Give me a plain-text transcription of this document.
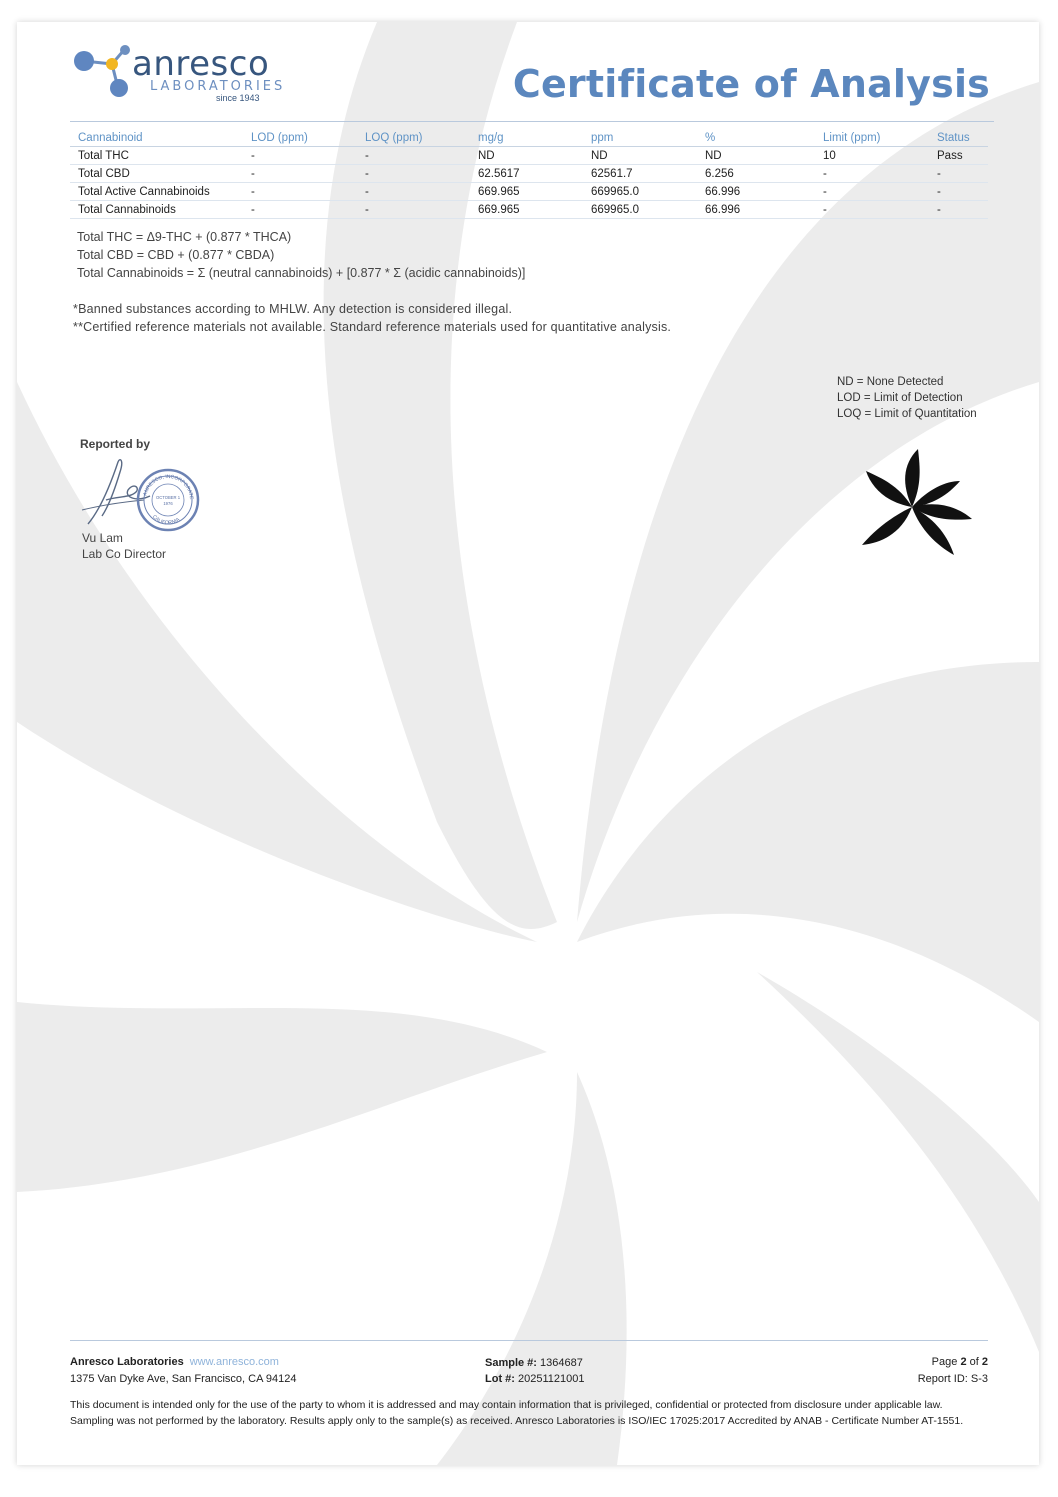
anresco
LABORATORIES
since 1943	Certificate of Analysis
Cannabinoid	LOD (ppm)	LOQ (ppm)	mg/g	ppm	%	Limit (ppm)	Status
Total THC	-	-	ND	ND	ND	10	Pass
Total CBD	-	-	62.5617	62561.7	6.256	-	-
Total Active Cannabinoids	-	-	669.965	669965.0	66.996	-	-
Total Cannabinoids	-	-	669.965	669965.0	66.996	-	-
Total THC = Δ9-THC + (0.877 * THCA)
Total CBD = CBD + (0.877 * CBDA)
Total Cannabinoids = Σ (neutral cannabinoids) + [0.877 * Σ (acidic cannabinoids)]
*Banned substances according to MHLW. Any detection is considered illegal.
**Certified reference materials not available. Standard reference materials used for quantitative analysis.
ND = None Detected
LOD = Limit of Detection
LOQ = Limit of Quantitation
Reported by
ANRESCO, INCORPORATE
CALIFORNIA
OCTOBER 1
1976
Vu Lam
Lab Co Director
Anresco Laboratories www.anresco.com
1375 Van Dyke Ave, San Francisco, CA 94124
Sample #: 1364687
Lot #: 20251121001
Page 2 of 2
Report ID: S-3
This document is intended only for the use of the party to whom it is addressed and may contain information that is privileged, confidential or protected from disclosure under applicable law. Sampling was not performed by the laboratory. Results apply only to the sample(s) as received. Anresco Laboratories is ISO/IEC 17025:2017 Accredited by ANAB - Certificate Number AT-1551.
